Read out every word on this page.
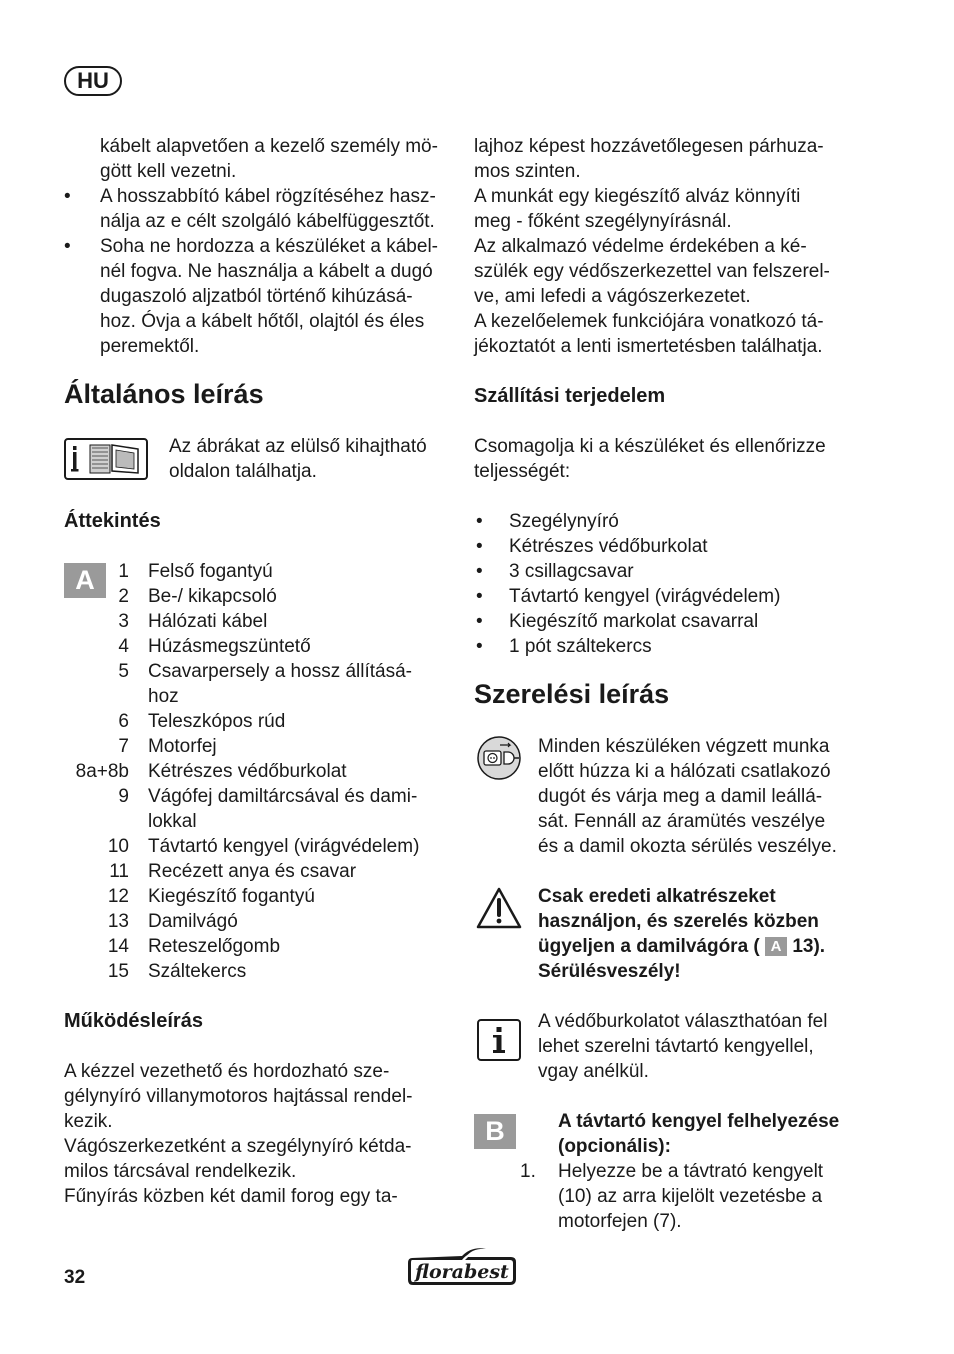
HU
kábelt alapvetően a kezelő személy mö-
gött kell vezetni.
• A hosszabbító kábel rögzítéséhez hasz-
nálja az e célt szolgáló kábelfüggesztőt.
• Soha ne hordozza a készüléket a kábel-
nél fogva. Ne használja a kábelt a dugó
dugaszoló aljzatból történő kihúzásá-
hoz. Óvja a kábelt hőtől, olajtól és éles
peremektől.
Általános leírás
Az ábrákat az elülső kihajtható
oldalon találhatja.
Áttekintés
A	1 Felső fogantyú
2 Be-/ kikapcsoló
3 Hálózati kábel
4 Húzásmegszüntető
5 Csavarpersely a hossz állításá-
hoz
6 Teleszkópos rúd
7 Motorfej
8a+8b Kétrészes védőburkolat
9 Vágófej damiltárcsával és dami-
lokkal
10 Távtartó kengyel (virágvédelem)
11 Recézett anya és csavar
12 Kiegészítő fogantyú
13 Damilvágó
14 Reteszelőgomb
15 Száltekercs
Működésleírás
A kézzel vezethető és hordozható sze-
gélynyíró villanymotoros hajtással rendel-
kezik.
Vágószerkezetként a szegélynyíró kétda-
milos tárcsával rendelkezik.
Fűnyírás közben két damil forog egy ta-
lajhoz képest hozzávetőlegesen párhuza-
mos szinten.
A munkát egy kiegészítő alváz könnyíti
meg - főként szegélynyírásnál.
Az alkalmazó védelme érdekében a ké-
szülék egy védőszerkezettel van felszerel-
ve, ami lefedi a vágószerkezetet.
A kezelőelemek funkciójára vonatkozó tá-
jékoztatót a lenti ismertetésben találhatja.
Szállítási terjedelem
Csomagolja ki a készüléket és ellenőrizze
teljességét:
• Szegélynyíró
• Kétrészes védőburkolat
• 3 csillagcsavar
• Távtartó kengyel (virágvédelem)
• Kiegészítő markolat csavarral
• 1 pót száltekercs
Szerelési leírás
Minden készüléken végzett munka
előtt húzza ki a hálózati csatlakozó
dugót és várja meg a damil leállá-
sát. Fennáll az áramütés veszélye
és a damil okozta sérülés veszélye.
Csak eredeti alkatrészeket
használjon, és szerelés közben
ügyeljen a damilvágóra ( A 13).
Sérülésveszély!
A védőburkolatot választhatóan fel
lehet szerelni távtartó kengyellel,
vgay anélkül.
B	A távtartó kengyel felhelyezése
(opcionális):
1. Helyezze be a távtrató kengyelt
(10) az arra kijelölt vezetésbe a
motorfejen (7).
32	florabest
